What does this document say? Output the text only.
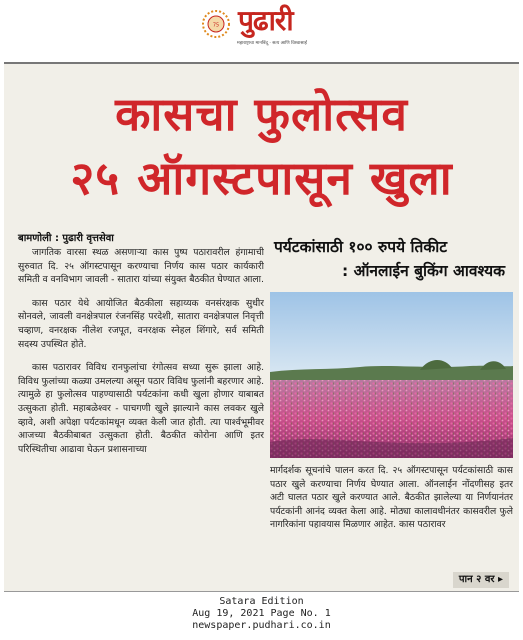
75 पुढारी
महाराष्ट्राचा मानबिंदू · सत्य आणि विश्वासार्ह
कासचा फुलोत्सव
२५ ऑगस्टपासून खुला
बामणोली : पुढारी वृत्तसेवा

जागतिक वारसा स्थळ असणाऱ्या कास पुष्प पठारावरील हंगामाची सुरुवात दि. २५ ऑगस्टपासून करण्याचा निर्णय कास पठार कार्यकारी समिती व वनविभाग जावली - सातारा यांच्या संयुक्त बैठकीत घेण्यात आला.

कास पठार येथे आयोजित बैठकीला सहाय्यक वनसंरक्षक सुधीर सोनवले, जावली वनक्षेत्रपाल रंजनसिंह परदेशी, सातारा वनक्षेत्रपाल निवृत्ती चव्हाण, वनरक्षक नीलेश रजपूत, वनरक्षक स्नेहल शिंगारे, सर्व समिती सदस्य उपस्थित होते.

कास पठारावर विविध रानफुलांचा रंगोत्सव सध्या सुरू झाला आहे. विविध फुलांच्या कळ्या उमलल्या असून पठार विविध फुलांनी बहरणार आहे. त्यामुळे हा फुलोत्सव पाहण्यासाठी पर्यटकांना कधी खुला होणार याबाबत उत्सुकता होती. महाबळेश्वर - पाचगणी खुले झाल्याने कास लवकर खुले व्हावे, अशी अपेक्षा पर्यटकांमधून व्यक्त केली जात होती. त्या पार्श्वभूमीवर आजच्या बैठकीबाबत उत्सुकता होती. बैठकीत कोरोना आणि इतर परिस्थितीचा आढावा घेऊन प्रशासनाच्या

पर्यटकांसाठी १०० रुपये तिकीट
: ऑनलाईन बुकिंग आवश्यक

मार्गदर्शक सूचनांचे पालन करत दि. २५ ऑगस्टपासून पर्यटकांसाठी कास पठार खुले करण्याचा निर्णय घेण्यात आला. ऑनलाईन नोंदणीसह इतर अटी घालत पठार खुले करण्यात आले. बैठकीत झालेल्या या निर्णयानंतर पर्यटकांनी आनंद व्यक्त केला आहे. मोठ्या कालावधीनंतर कासवरील फुले नागरिकांना पहावयास मिळणार आहेत. कास पठारावर

पान २ वर ▸
Satara Edition
Aug 19, 2021 Page No. 1
newspaper.pudhari.co.in
